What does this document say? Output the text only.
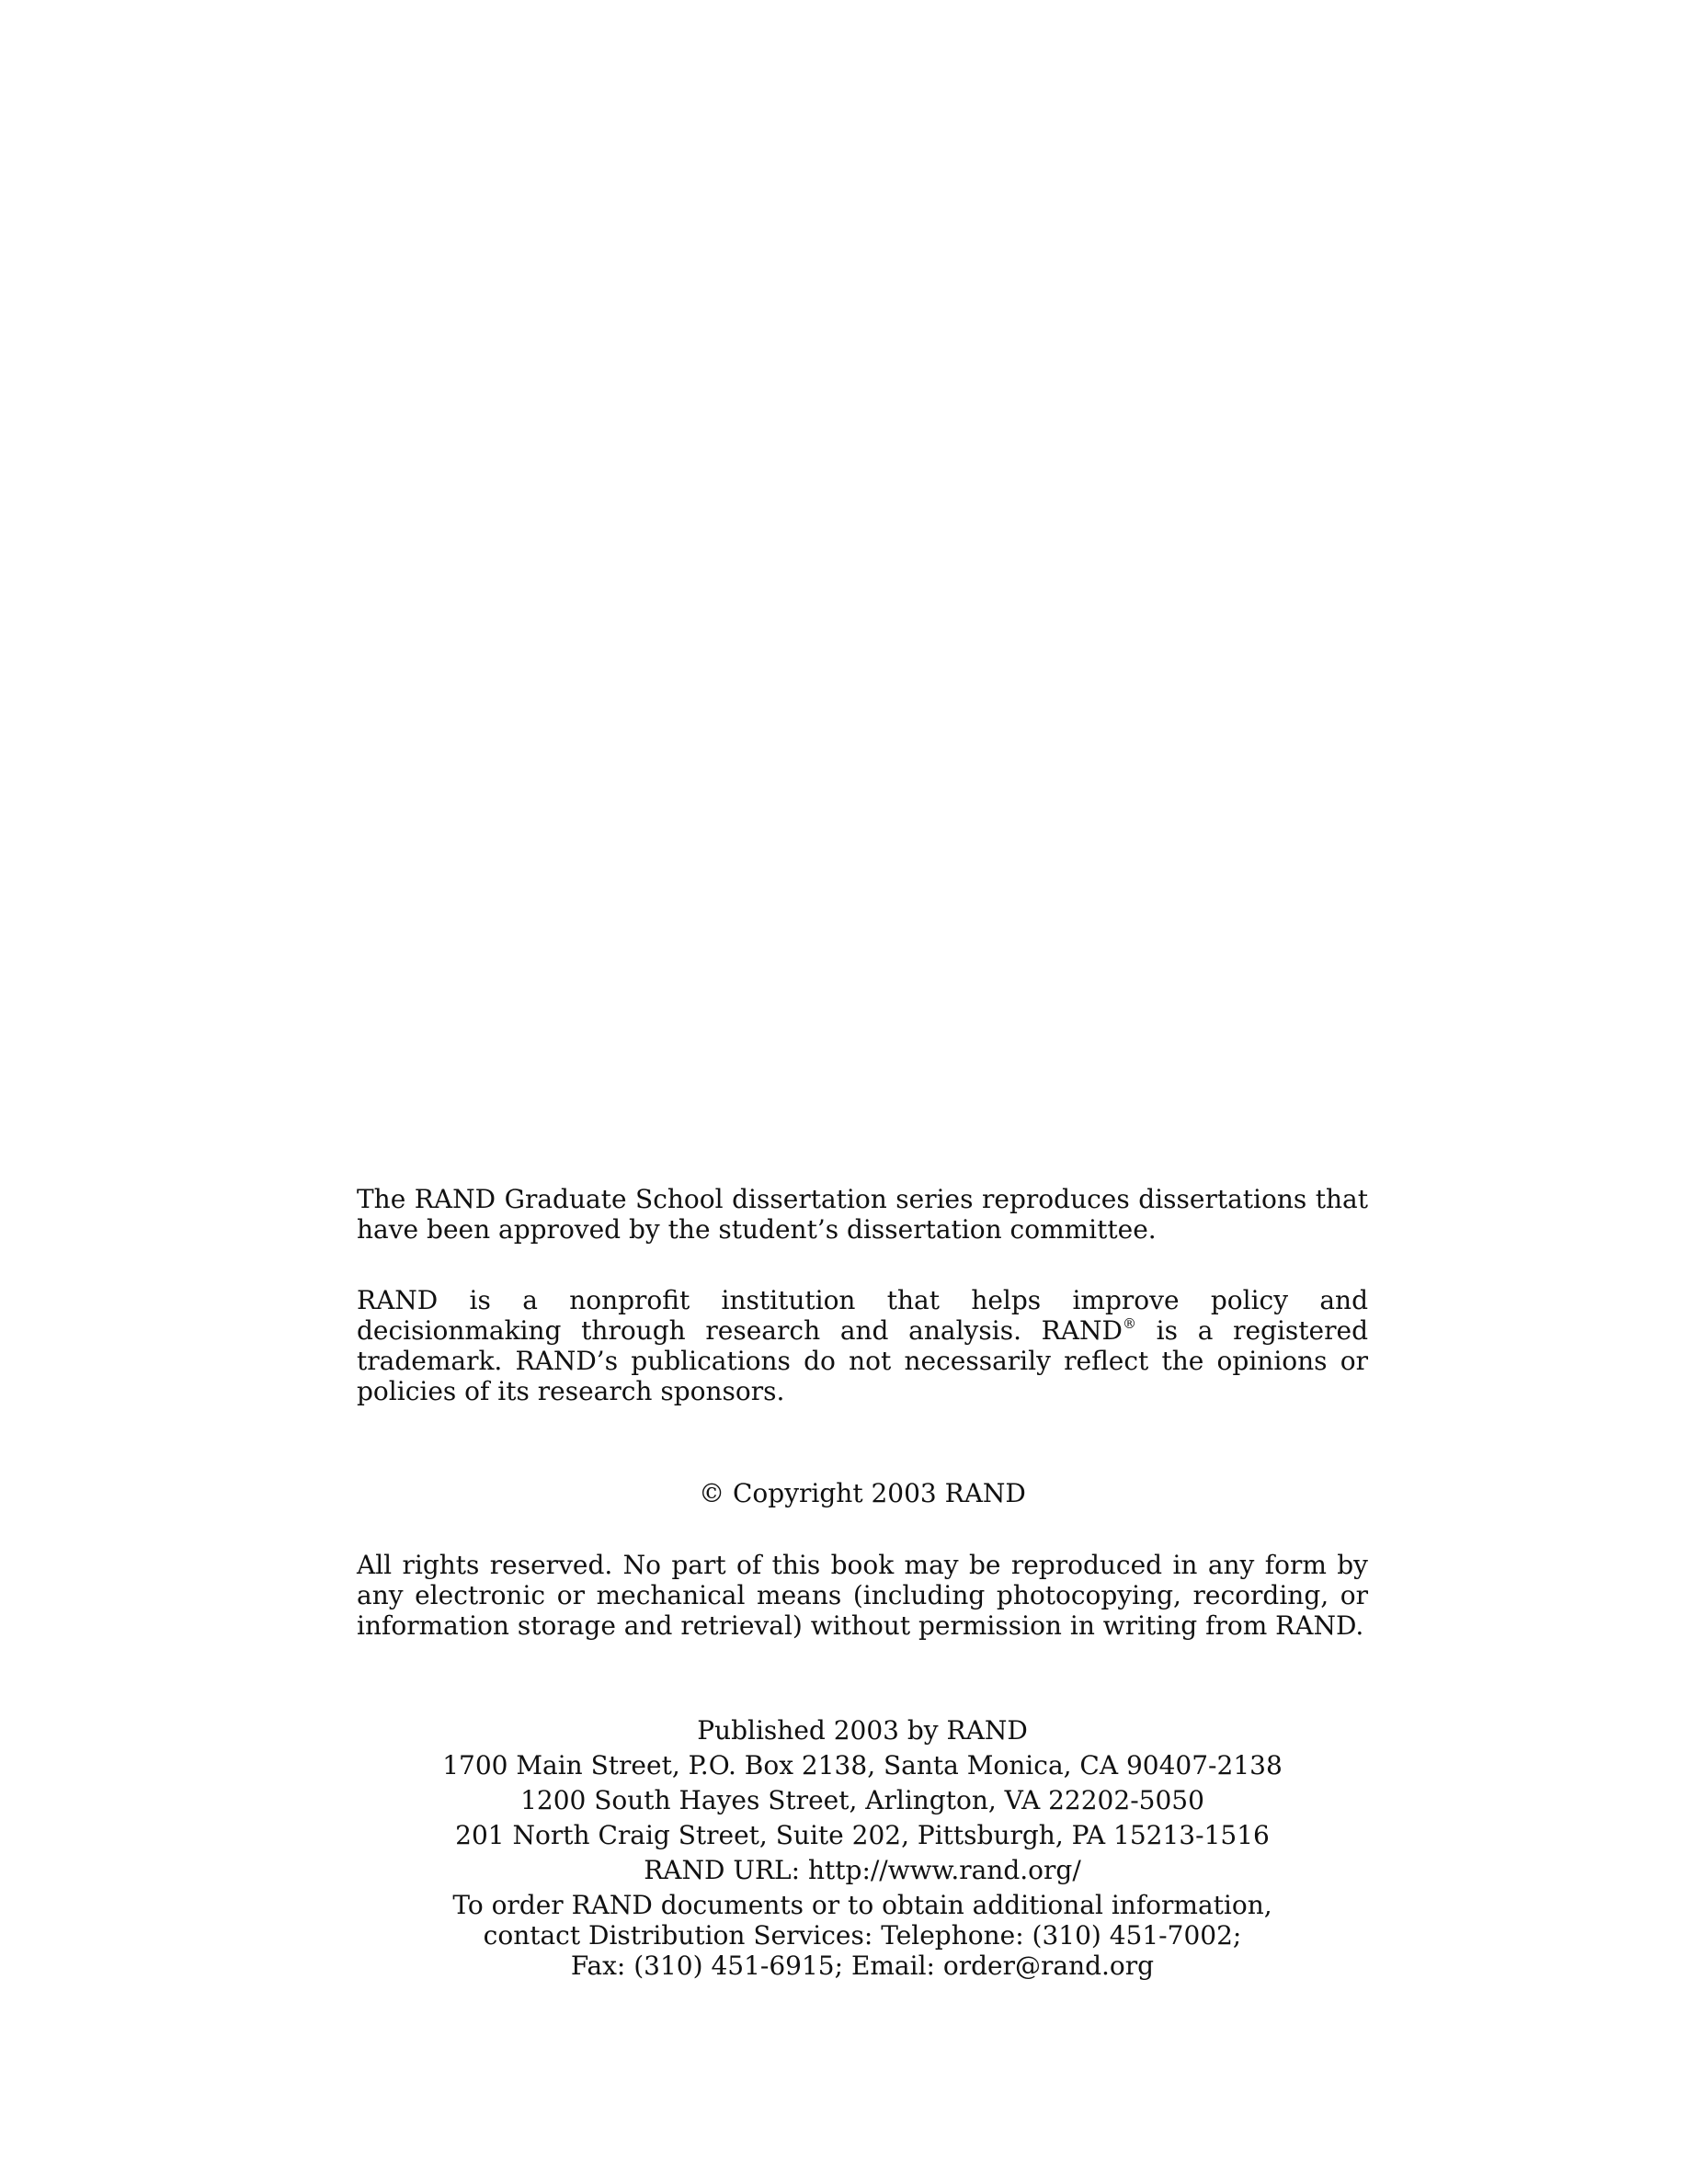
The RAND Graduate School dissertation series reproduces dissertations that have been approved by the student’s dissertation committee.

RAND is a nonprofit institution that helps improve policy and decisionmaking through research and analysis. RAND® is a registered trademark. RAND’s publications do not necessarily reflect the opinions or policies of its research sponsors.

© Copyright 2003 RAND

All rights reserved. No part of this book may be reproduced in any form by any electronic or mechanical means (including photocopying, recording, or information storage and retrieval) without permission in writing from RAND.

Published 2003 by RAND
1700 Main Street, P.O. Box 2138, Santa Monica, CA 90407-2138
1200 South Hayes Street, Arlington, VA 22202-5050
201 North Craig Street, Suite 202, Pittsburgh, PA 15213-1516
RAND URL: http://www.rand.org/
To order RAND documents or to obtain additional information,
contact Distribution Services: Telephone: (310) 451-7002;
Fax: (310) 451-6915; Email: order@rand.org
